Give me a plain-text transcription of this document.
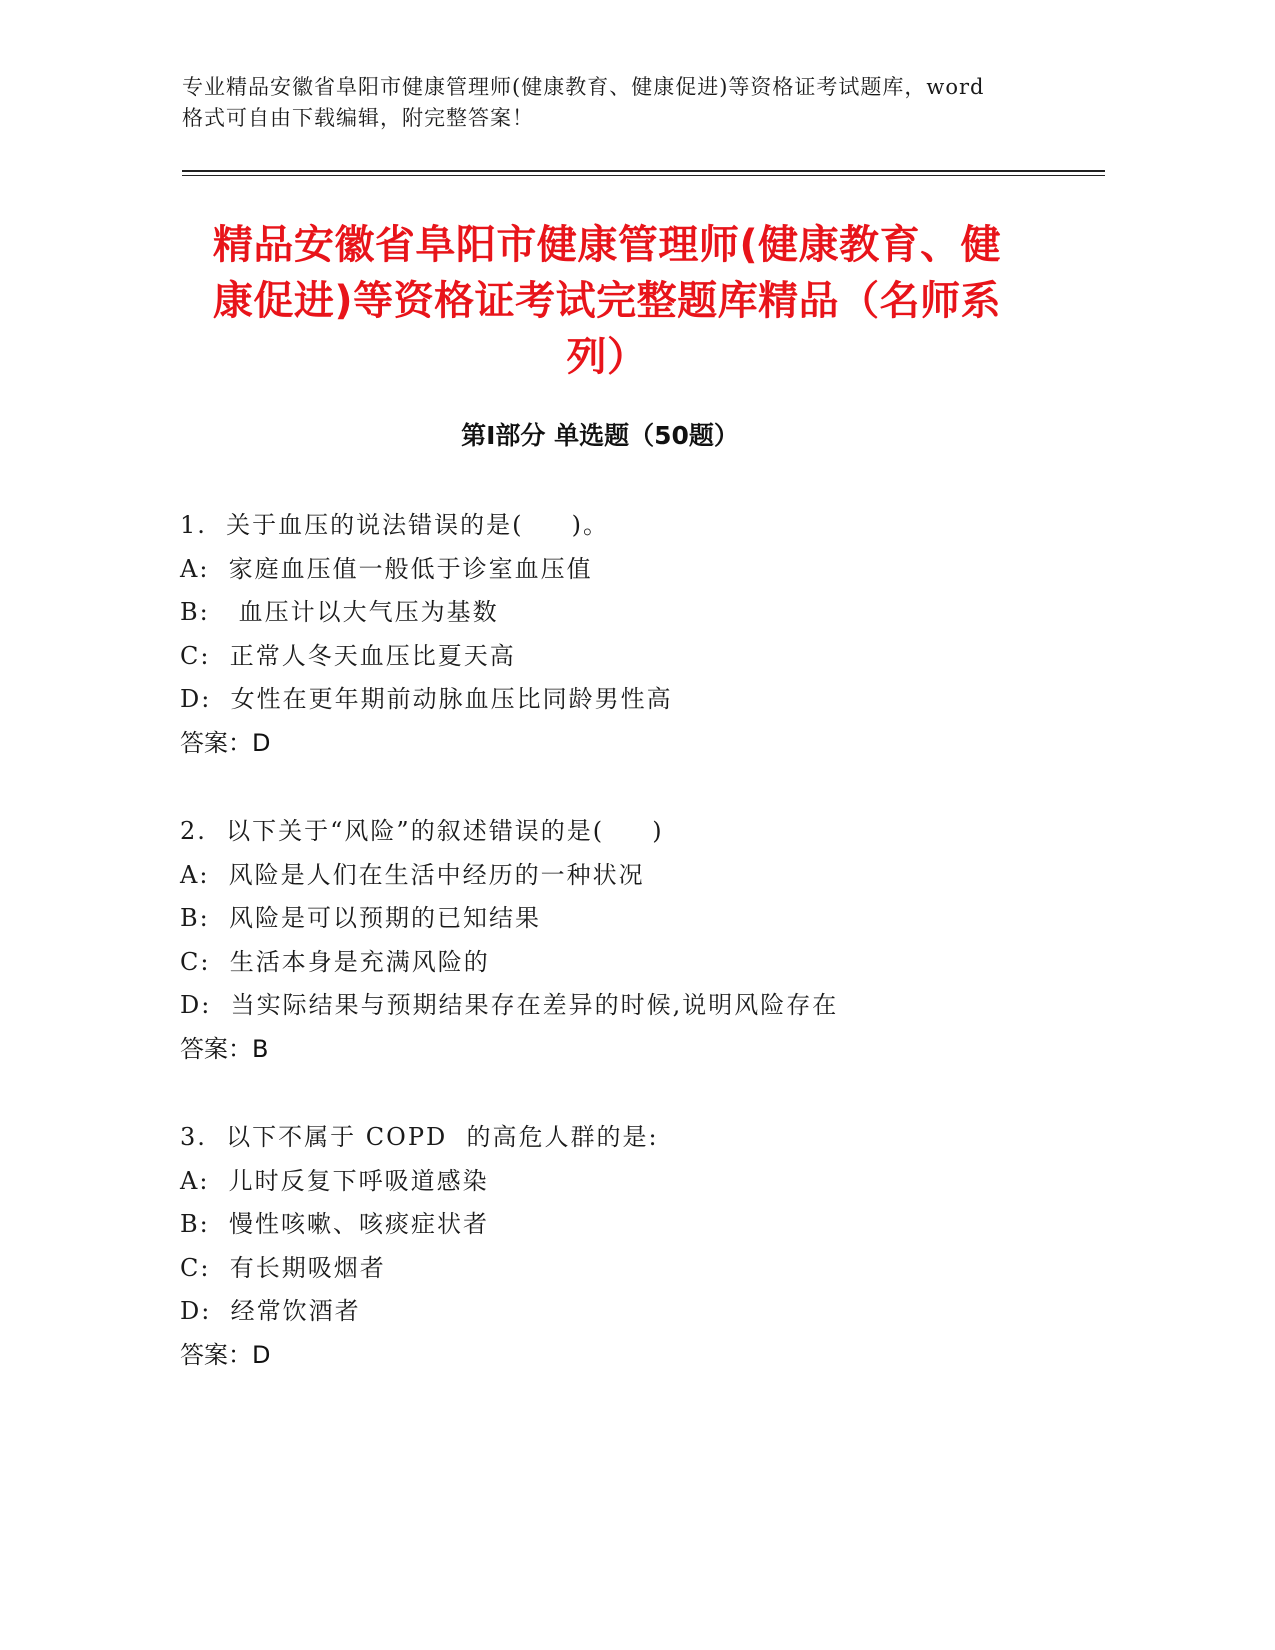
专业精品安徽省阜阳市健康管理师(健康教育、健康促进)等资格证考试题库，word
格式可自由下载编辑，附完整答案！
精品安徽省阜阳市健康管理师(健康教育、健
康促进)等资格证考试完整题库精品（名师系
列）
第Ⅰ部分 单选题（50题）
1.  关于血压的说法错误的是(     )。
A:  家庭血压值一般低于诊室血压值
B:   血压计以大气压为基数
C:  正常人冬天血压比夏天高
D:  女性在更年期前动脉血压比同龄男性高
答案：D
2.  以下关于“风险”的叙述错误的是(     )
A:  风险是人们在生活中经历的一种状况
B:  风险是可以预期的已知结果
C:  生活本身是充满风险的
D:  当实际结果与预期结果存在差异的时候,说明风险存在
答案：B
3.  以下不属于 COPD  的高危人群的是:
A:  儿时反复下呼吸道感染
B:  慢性咳嗽、咳痰症状者
C:  有长期吸烟者
D:  经常饮酒者
答案：D
